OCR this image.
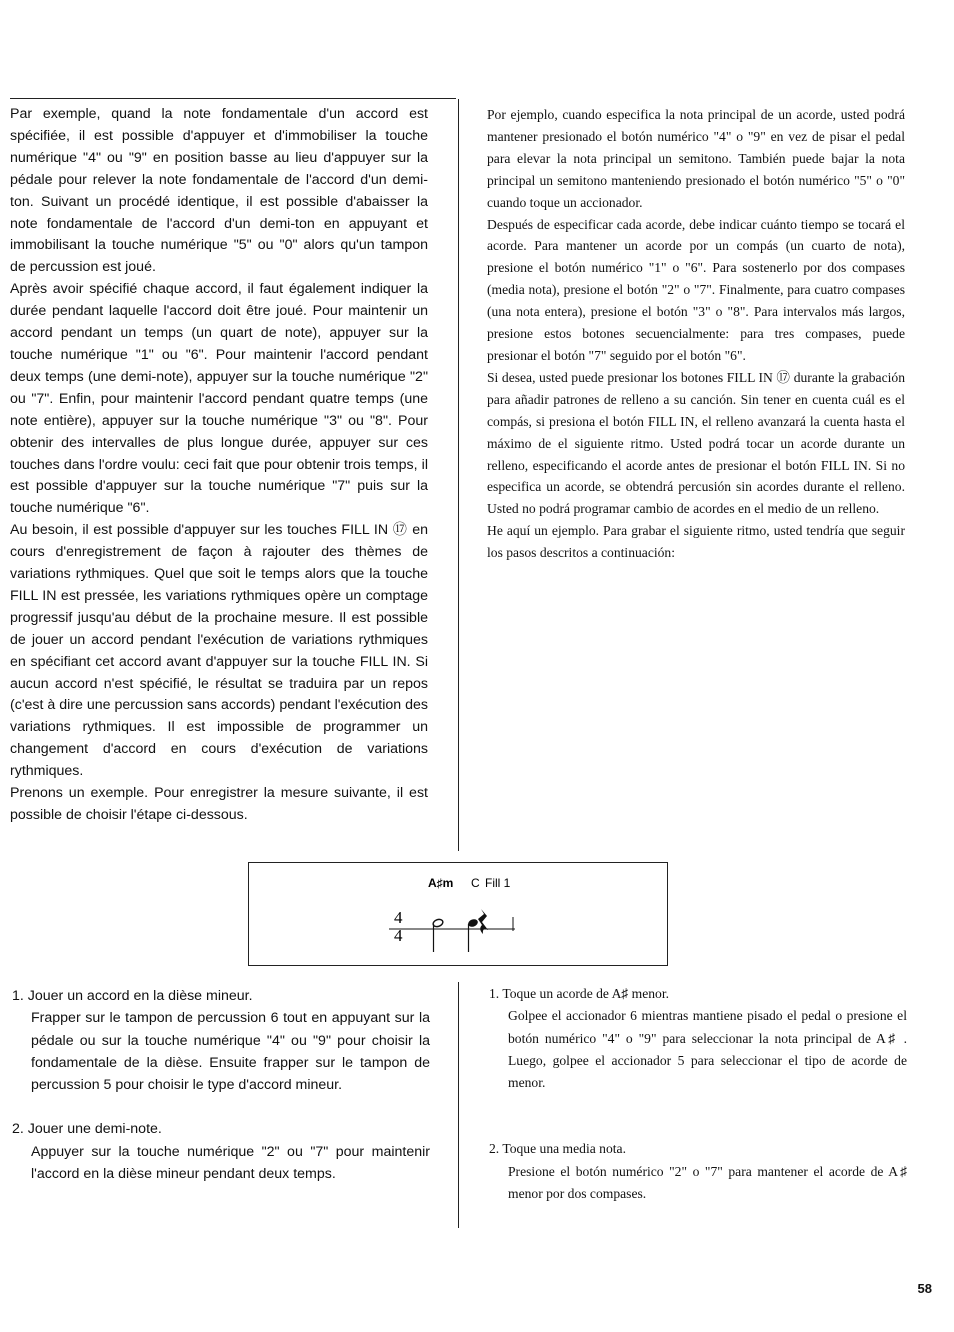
Par exemple, quand la note fondamentale d'un accord est spécifiée, il est possible d'appuyer et d'immobiliser la touche numérique "4" ou "9" en position basse au lieu d'appuyer sur la pédale pour relever la note fondamentale de l'accord d'un demi-ton. Suivant un procédé identique, il est possible d'abaisser la note fondamentale de l'accord d'un demi-ton en appuyant et immobilisant la touche numérique "5" ou "0" alors qu'un tampon de percussion est joué.

Après avoir spécifié chaque accord, il faut également indiquer la durée pendant laquelle l'accord doit être joué. Pour maintenir un accord pendant un temps (un quart de note), appuyer sur la touche numérique "1" ou "6". Pour maintenir l'accord pendant deux temps (une demi-note), appuyer sur la touche numérique "2" ou "7". Enfin, pour maintenir l'accord pendant quatre temps (une note entière), appuyer sur la touche numérique "3" ou "8". Pour obtenir des intervalles de plus longue durée, appuyer sur ces touches dans l'ordre voulu: ceci fait que pour obtenir trois temps, il est possible d'appuyer sur la touche numérique "7" puis sur la touche numérique "6".

Au besoin, il est possible d'appuyer sur les touches FILL IN ⑰ en cours d'enregistrement de façon à rajouter des thèmes de variations rythmiques. Quel que soit le temps alors que la touche FILL IN est pressée, les variations rythmiques opère un comptage progressif jusqu'au début de la prochaine mesure. Il est possible de jouer un accord pendant l'exécution de variations rythmiques en spécifiant cet accord avant d'appuyer sur la touche FILL IN. Si aucun accord n'est spécifié, le résultat se traduira par un repos (c'est à dire une percussion sans accords) pendant l'exécution des variations rythmiques. Il est impossible de programmer un changement d'accord en cours d'exécution de variations rythmiques.

Prenons un exemple. Pour enregistrer la mesure suivante, il est possible de choisir l'étape ci-dessous.

Por ejemplo, cuando especifica la nota principal de un acorde, usted podrá mantener presionado el botón numérico "4" o "9" en vez de pisar el pedal para elevar la nota principal un semitono. También puede bajar la nota principal un semitono manteniendo presionado el botón numérico "5" o "0" cuando toque un accionador.

Después de especificar cada acorde, debe indicar cuánto tiempo se tocará el acorde. Para mantener un acorde por un compás (un cuarto de nota), presione el botón numérico "1" o "6". Para sostenerlo por dos compases (media nota), presione el botón "2" o "7". Finalmente, para cuatro compases (una nota entera), presione el botón "3" o "8". Para intervalos más largos, presione estos botones secuencialmente: para tres compases, puede presionar el botón "7" seguido por el botón "6".

Si desea, usted puede presionar los botones FILL IN ⑰ durante la grabación para añadir patrones de relleno a su canción. Sin tener en cuenta cuál es el compás, si presiona el botón FILL IN, el relleno avanzará la cuenta hasta el máximo de el siguiente ritmo. Usted podrá tocar un acorde durante un relleno, especificando el acorde antes de presionar el botón FILL IN. Si no especifica un acorde, se obtendrá percusión sin acordes durante el relleno. Usted no podrá programar cambio de acordes en el medio de un relleno.

He aquí un ejemplo. Para grabar el siguiente ritmo, usted tendría que seguir los pasos descritos a continuación:

A♯m C Fill 1
4
4
1. Jouer un accord en la dièse mineur.
Frapper sur le tampon de percussion 6 tout en appuyant sur la pédale ou sur la touche numérique "4" ou "9" pour choisir la fondamentale de la dièse. Ensuite frapper sur le tampon de percussion 5 pour choisir le type d'accord mineur.
2. Jouer une demi-note.
Appuyer sur la touche numérique "2" ou "7" pour maintenir l'accord en la dièse mineur pendant deux temps.
1. Toque un acorde de A♯ menor.
Golpee el accionador 6 mientras mantiene pisado el pedal o presione el botón numérico "4" o "9" para seleccionar la nota principal de A♯ . Luego, golpee el accionador 5 para seleccionar el tipo de acorde de menor.
2. Toque una media nota.
Presione el botón numérico "2" o "7" para mantener el acorde de A♯ menor por dos compases.
58
